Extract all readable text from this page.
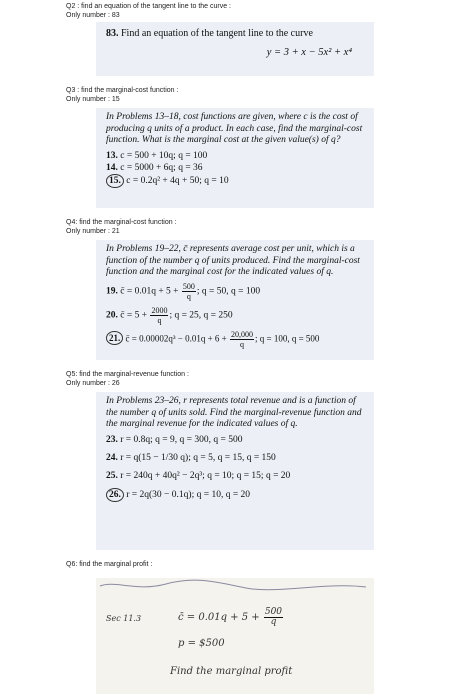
Q2 : find an equation of the tangent line to the curve :
Only number : 83
83. Find an equation of the tangent line to the curve
y = 3 + x − 5x² + x⁴
Q3 : find the marginal-cost function :
Only number : 15
In Problems 13–18, cost functions are given, where c is the cost of producing q units of a product. In each case, find the marginal-cost function. What is the marginal cost at the given value(s) of q?
13. c = 500 + 10q; q = 100
14. c = 5000 + 6q; q = 36
15. c = 0.2q² + 4q + 50; q = 10
Q4: find the marginal-cost function :
Only number : 21
In Problems 19–22, c̄ represents average cost per unit, which is a function of the number q of units produced. Find the marginal-cost function and the marginal cost for the indicated values of q.
19. c̄ = $0.01q + 5 + \frac{500}{q}$ ; q = 50, q = 100
20. c̄ = $5 + \frac{2000}{q}$ ; q = 25, q = 250
21. c̄ = $0.00002q^3 - 0.01q + 6 + \frac{20,000}{q}$ ; q = 100, q = 500
Q5: find the marginal-revenue function :
Only number : 26
In Problems 23–26, r represents total revenue and is a function of the number q of units sold. Find the marginal-revenue function and the marginal revenue for the indicated values of q.
23. r = 0.8q; q = 9, q = 300, q = 500
24. r = q(15 − 1/30 q); q = 5, q = 15, q = 150
25. r = 240q + 40q² − 2q³; q = 10; q = 15; q = 20
26. r = 2q(30 − 0.1q); q = 10, q = 20
Q6: find the marginal profit :
Sec 11.3	c̄ = $0.01q + 5 + \frac{500}{q}$
p = $500
Find the marginal profit
